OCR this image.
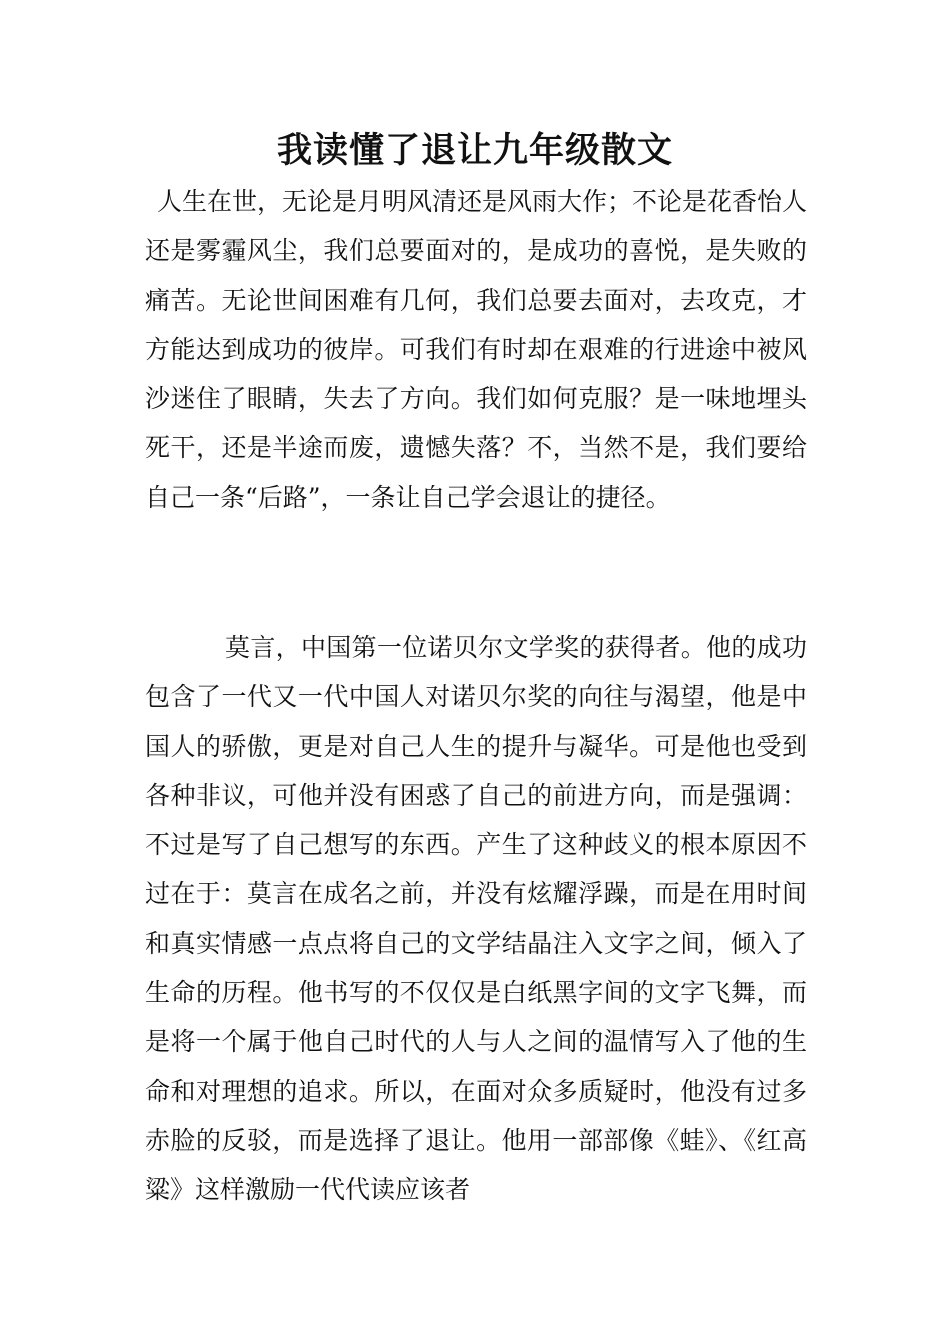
我读懂了退让九年级散文

人生在世，无论是月明风清还是风雨大作；不论是花香怡人还是雾霾风尘，我们总要面对的，是成功的喜悦，是失败的痛苦。无论世间困难有几何，我们总要去面对，去攻克，才方能达到成功的彼岸。可我们有时却在艰难的行进途中被风沙迷住了眼睛，失去了方向。我们如何克服？是一味地埋头死干，还是半途而废，遗憾失落？不，当然不是，我们要给自己一条“后路”，一条让自己学会退让的捷径。

莫言，中国第一位诺贝尔文学奖的获得者。他的成功包含了一代又一代中国人对诺贝尔奖的向往与渴望，他是中国人的骄傲，更是对自己人生的提升与凝华。可是他也受到各种非议，可他并没有困惑了自己的前进方向，而是强调：不过是写了自己想写的东西。产生了这种歧义的根本原因不过在于：莫言在成名之前，并没有炫耀浮躁，而是在用时间和真实情感一点点将自己的文学结晶注入文字之间，倾入了生命的历程。他书写的不仅仅是白纸黑字间的文字飞舞，而是将一个属于他自己时代的人与人之间的温情写入了他的生命和对理想的追求。所以，在面对众多质疑时，他没有过多赤脸的反驳，而是选择了退让。他用一部部像《蛙》、《红高粱》这样激励一代代读应该者
